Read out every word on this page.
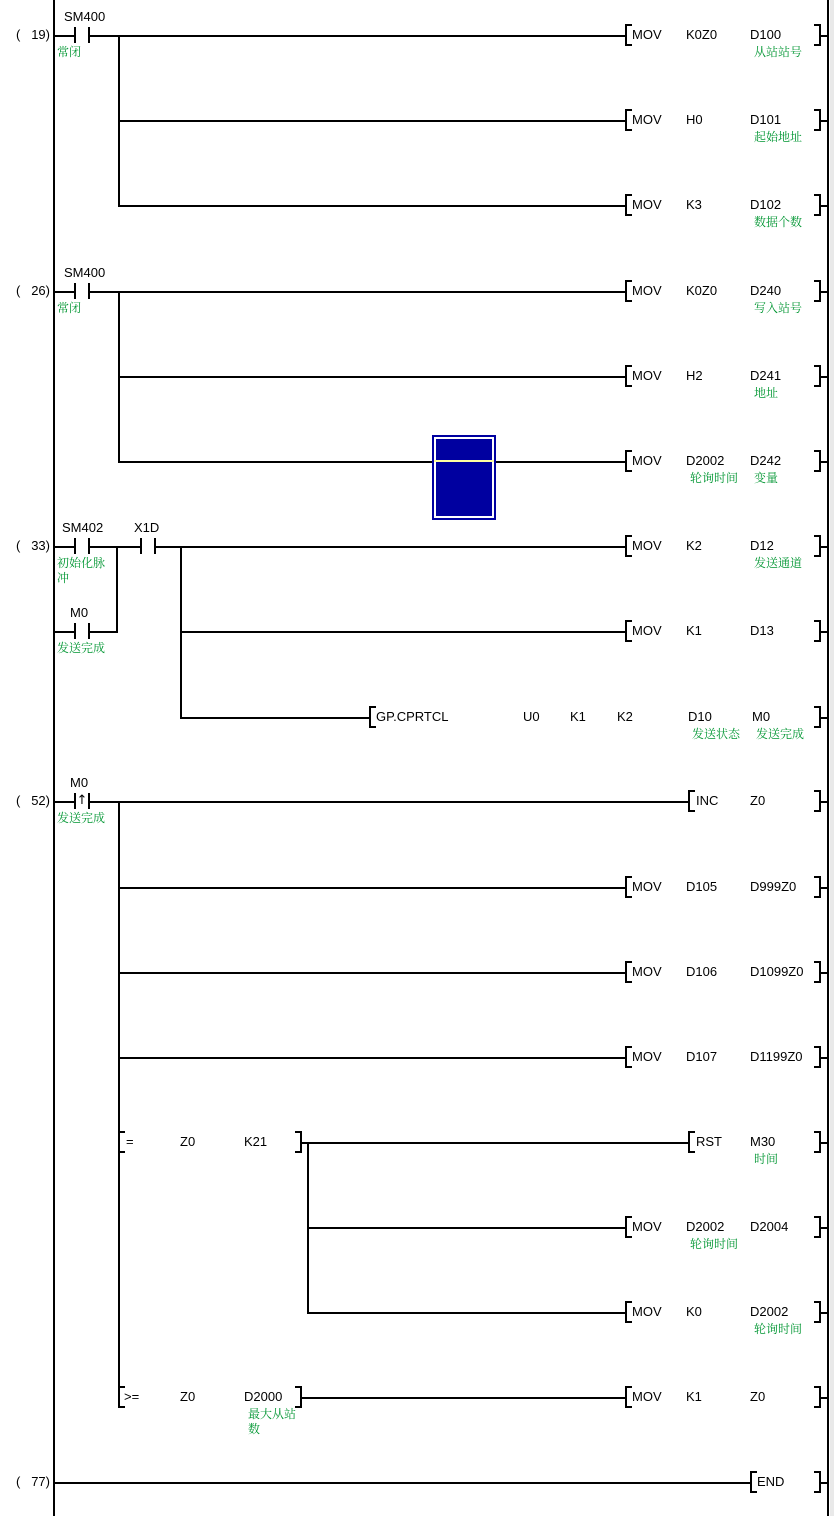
(   19)
SM400
常闭
MOV K0Z0	D100
从站站号
MOV H0	D101
起始地址
MOV K3	D102
数据个数
(   26)
SM400
常闭
MOV K0Z0	D240
写入站号
MOV H2	D241
地址
MOV D2002
轮询时间
D242
变量
(   33)
SM402
初始化脉冲
X1D
M0
发送完成
MOV K2	D12
发送通道
MOV K1	D13
GP.CPRTCL	U0 K1 K2	D10
发送状态
M0
发送完成
(   52) ↑
M0
发送完成
INC Z0
MOV D105	D999Z0
MOV D106	D1099Z0
MOV D107	D1199Z0
=	Z0	K21	RST M30
时间
MOV D2002
轮询时间
D2004
MOV K0	D2002
轮询时间
>=	Z0	D2000
最大从站数
MOV K1	Z0
(   77)	END
